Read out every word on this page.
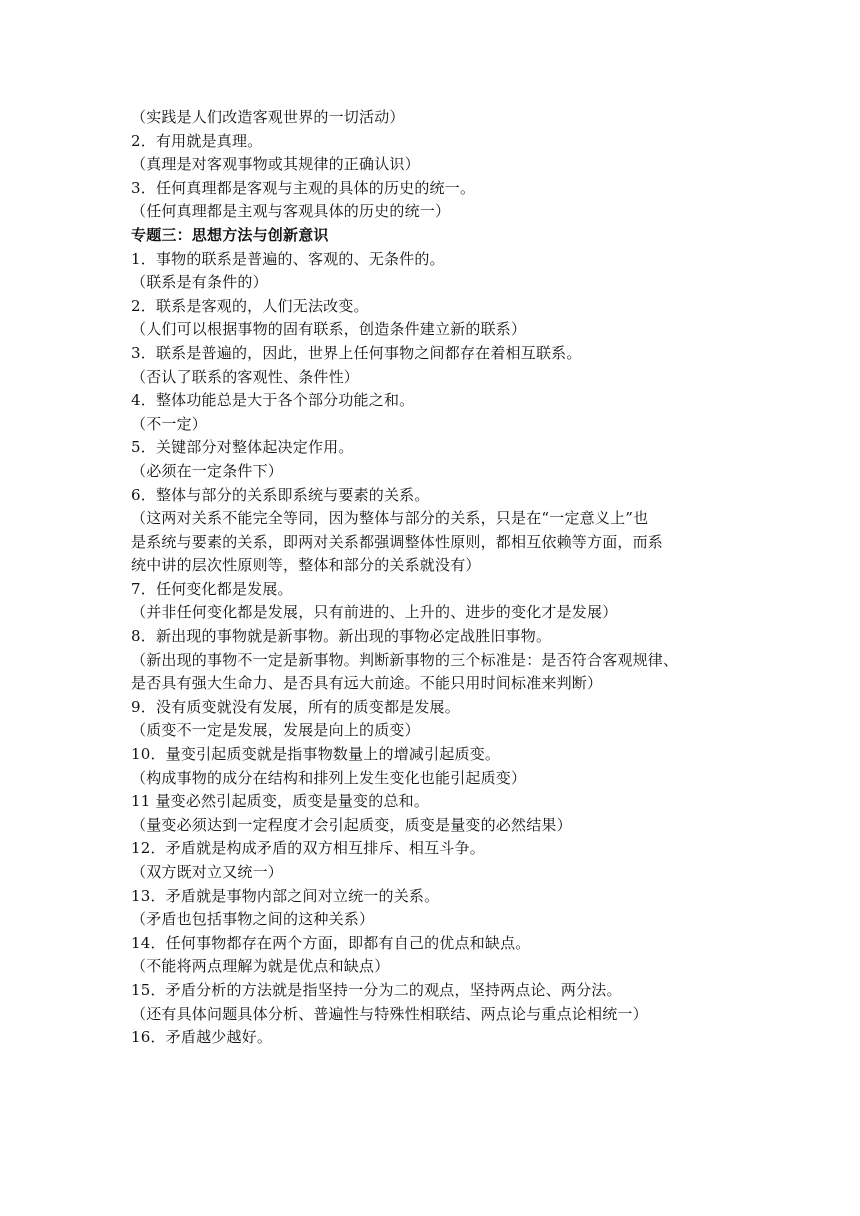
（实践是人们改造客观世界的一切活动）
2．有用就是真理。
（真理是对客观事物或其规律的正确认识）
3．任何真理都是客观与主观的具体的历史的统一。
（任何真理都是主观与客观具体的历史的统一）
专题三：思想方法与创新意识
1．事物的联系是普遍的、客观的、无条件的。
（联系是有条件的）
2．联系是客观的，人们无法改变。
（人们可以根据事物的固有联系，创造条件建立新的联系）
3．联系是普遍的，因此，世界上任何事物之间都存在着相互联系。
（否认了联系的客观性、条件性）
4．整体功能总是大于各个部分功能之和。
（不一定）
5．关键部分对整体起决定作用。
（必须在一定条件下）
6．整体与部分的关系即系统与要素的关系。
（这两对关系不能完全等同，因为整体与部分的关系，只是在“一定意义上”也
是系统与要素的关系，即两对关系都强调整体性原则，都相互依赖等方面，而系
统中讲的层次性原则等，整体和部分的关系就没有）
7．任何变化都是发展。
（并非任何变化都是发展，只有前进的、上升的、进步的变化才是发展）
8．新出现的事物就是新事物。新出现的事物必定战胜旧事物。
（新出现的事物不一定是新事物。判断新事物的三个标准是：是否符合客观规律、
是否具有强大生命力、是否具有远大前途。不能只用时间标准来判断）
9．没有质变就没有发展，所有的质变都是发展。
（质变不一定是发展，发展是向上的质变）
10．量变引起质变就是指事物数量上的增减引起质变。
（构成事物的成分在结构和排列上发生变化也能引起质变）
11 量变必然引起质变，质变是量变的总和。
（量变必须达到一定程度才会引起质变，质变是量变的必然结果）
12．矛盾就是构成矛盾的双方相互排斥、相互斗争。
（双方既对立又统一）
13．矛盾就是事物内部之间对立统一的关系。
（矛盾也包括事物之间的这种关系）
14．任何事物都存在两个方面，即都有自己的优点和缺点。
（不能将两点理解为就是优点和缺点）
15．矛盾分析的方法就是指坚持一分为二的观点，坚持两点论、两分法。
（还有具体问题具体分析、普遍性与特殊性相联结、两点论与重点论相统一）
16．矛盾越少越好。
